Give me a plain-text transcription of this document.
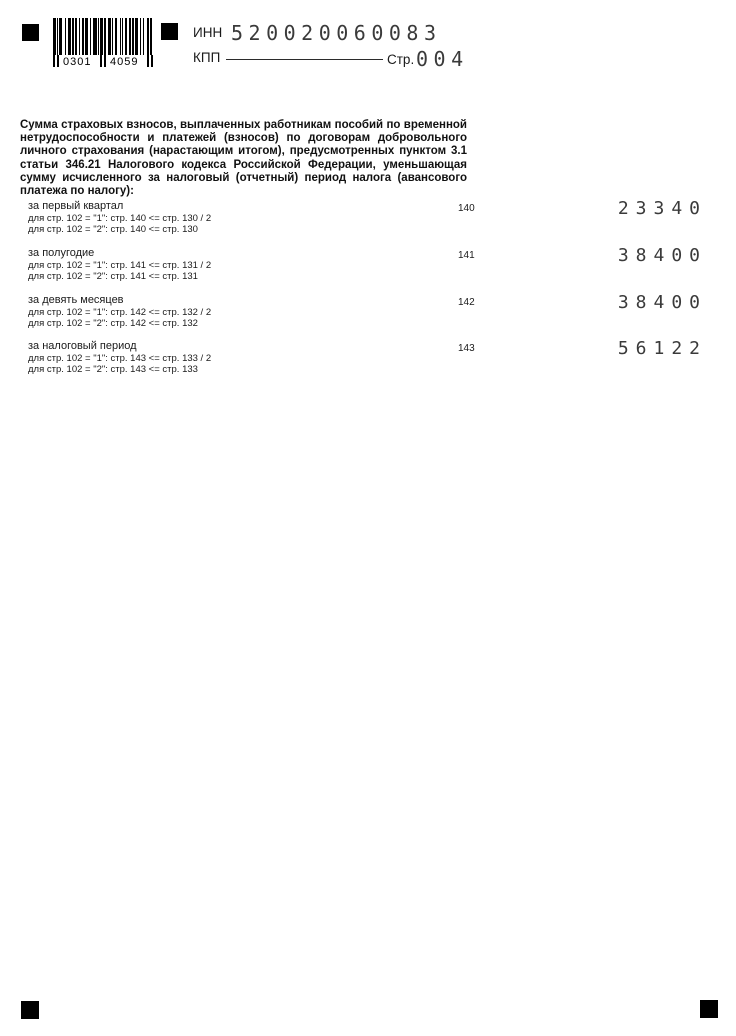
0301 4059
ИНН 520020060083
КПП	Стр. 004

Сумма страховых взносов, выплаченных работникам пособий по временной нетрудоспособности и платежей (взносов) по договорам добровольного личного страхования (нарастающим итогом), предусмотренных пунктом 3.1 статьи 346.21 Налогового кодекса Российской Федерации, уменьшающая сумму исчисленного за налоговый (отчетный) период налога (авансового платежа по налогу):

за первый квартал
для стр. 102 = "1": стр. 140 <= стр. 130 / 2
для стр. 102 = "2": стр. 140 <= стр. 130
140	23340
за полугодие
для стр. 102 = "1": стр. 141 <= стр. 131 / 2
для стр. 102 = "2": стр. 141 <= стр. 131
141	38400
за девять месяцев
для стр. 102 = "1": стр. 142 <= стр. 132 / 2
для стр. 102 = "2": стр. 142 <= стр. 132
142	38400
за налоговый период
для стр. 102 = "1": стр. 143 <= стр. 133 / 2
для стр. 102 = "2": стр. 143 <= стр. 133
143	56122
